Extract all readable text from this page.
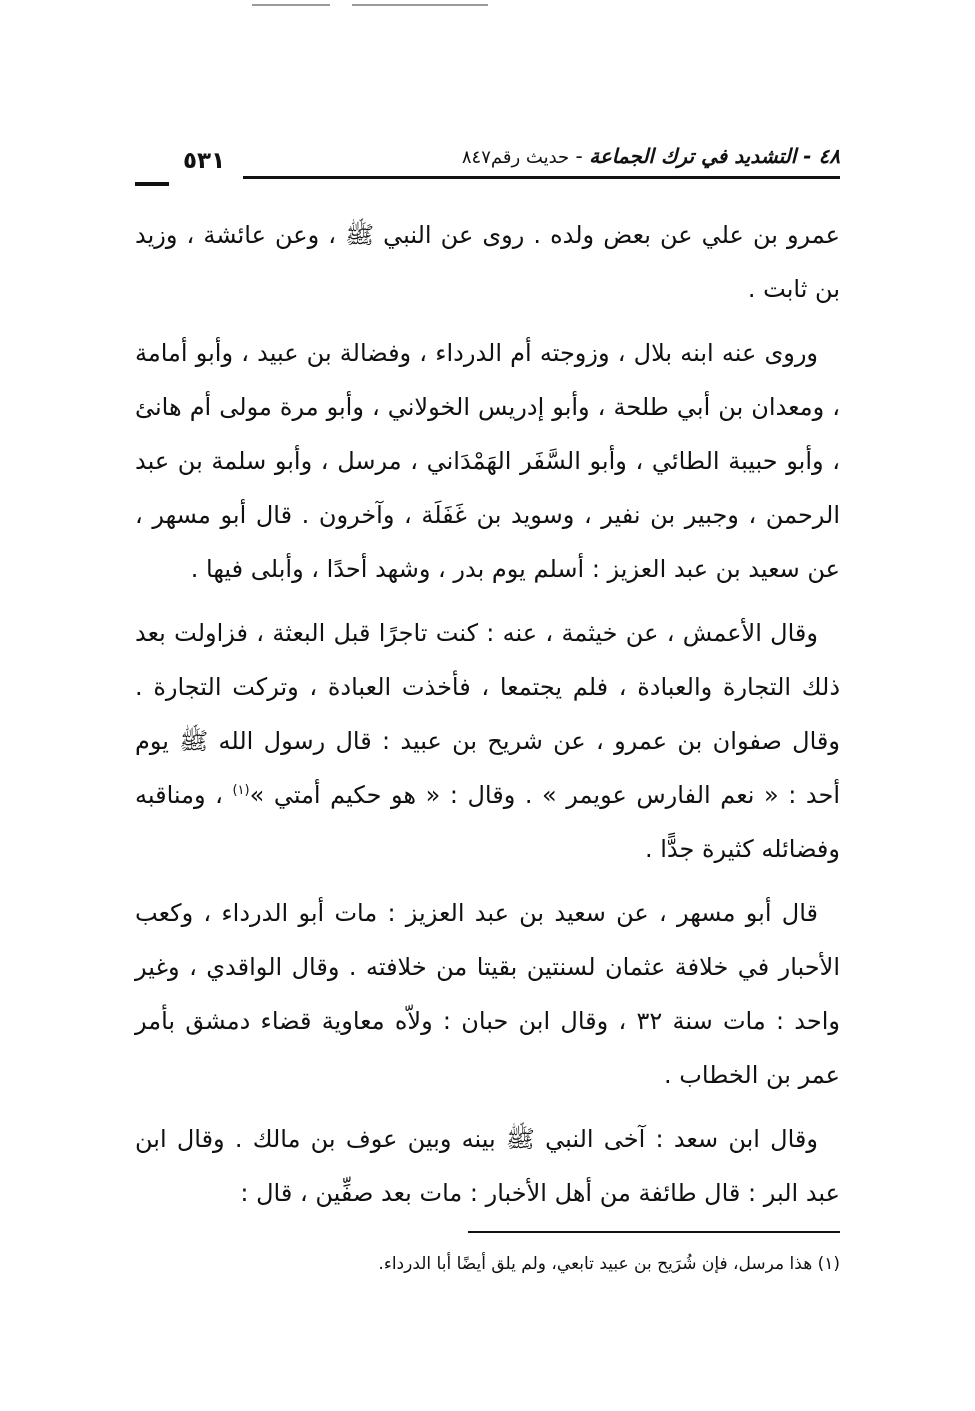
٥٣١	٤٨ - التشديد في ترك الجماعة - حديث رقم٨٤٧

عمرو بن علي عن بعض ولده . روى عن النبي ﷺ ، وعن عائشة ، وزيد بن ثابت .

وروى عنه ابنه بلال ، وزوجته أم الدرداء ، وفضالة بن عبيد ، وأبو أمامة ، ومعدان بن أبي طلحة ، وأبو إدريس الخولاني ، وأبو مرة مولى أم هانئ ، وأبو حبيبة الطائي ، وأبو السَّفَر الهَمْدَاني ، مرسل ، وأبو سلمة بن عبد الرحمن ، وجبير بن نفير ، وسويد بن غَفَلَة ، وآخرون . قال أبو مسهر ، عن سعيد بن عبد العزيز : أسلم يوم بدر ، وشهد أحدًا ، وأبلى فيها .

وقال الأعمش ، عن خيثمة ، عنه : كنت تاجرًا قبل البعثة ، فزاولت بعد ذلك التجارة والعبادة ، فلم يجتمعا ، فأخذت العبادة ، وتركت التجارة . وقال صفوان بن عمرو ، عن شريح بن عبيد : قال رسول الله ﷺ يوم أحد : « نعم الفارس عويمر » . وقال : « هو حكيم أمتي »$^{(١)}$ ، ومناقبه وفضائله كثيرة جدًّا .

قال أبو مسهر ، عن سعيد بن عبد العزيز : مات أبو الدرداء ، وكعب الأحبار في خلافة عثمان لسنتين بقيتا من خلافته . وقال الواقدي ، وغير واحد : مات سنة ٣٢ ، وقال ابن حبان : ولاّه معاوية قضاء دمشق بأمر عمر بن الخطاب .

وقال ابن سعد : آخى النبي ﷺ بينه وبين عوف بن مالك . وقال ابن عبد البر : قال طائفة من أهل الأخبار : مات بعد صفِّين ، قال :

(١) هذا مرسل، فإن شُرَيح بن عبيد تابعي، ولم يلق أيضًا أبا الدرداء.
